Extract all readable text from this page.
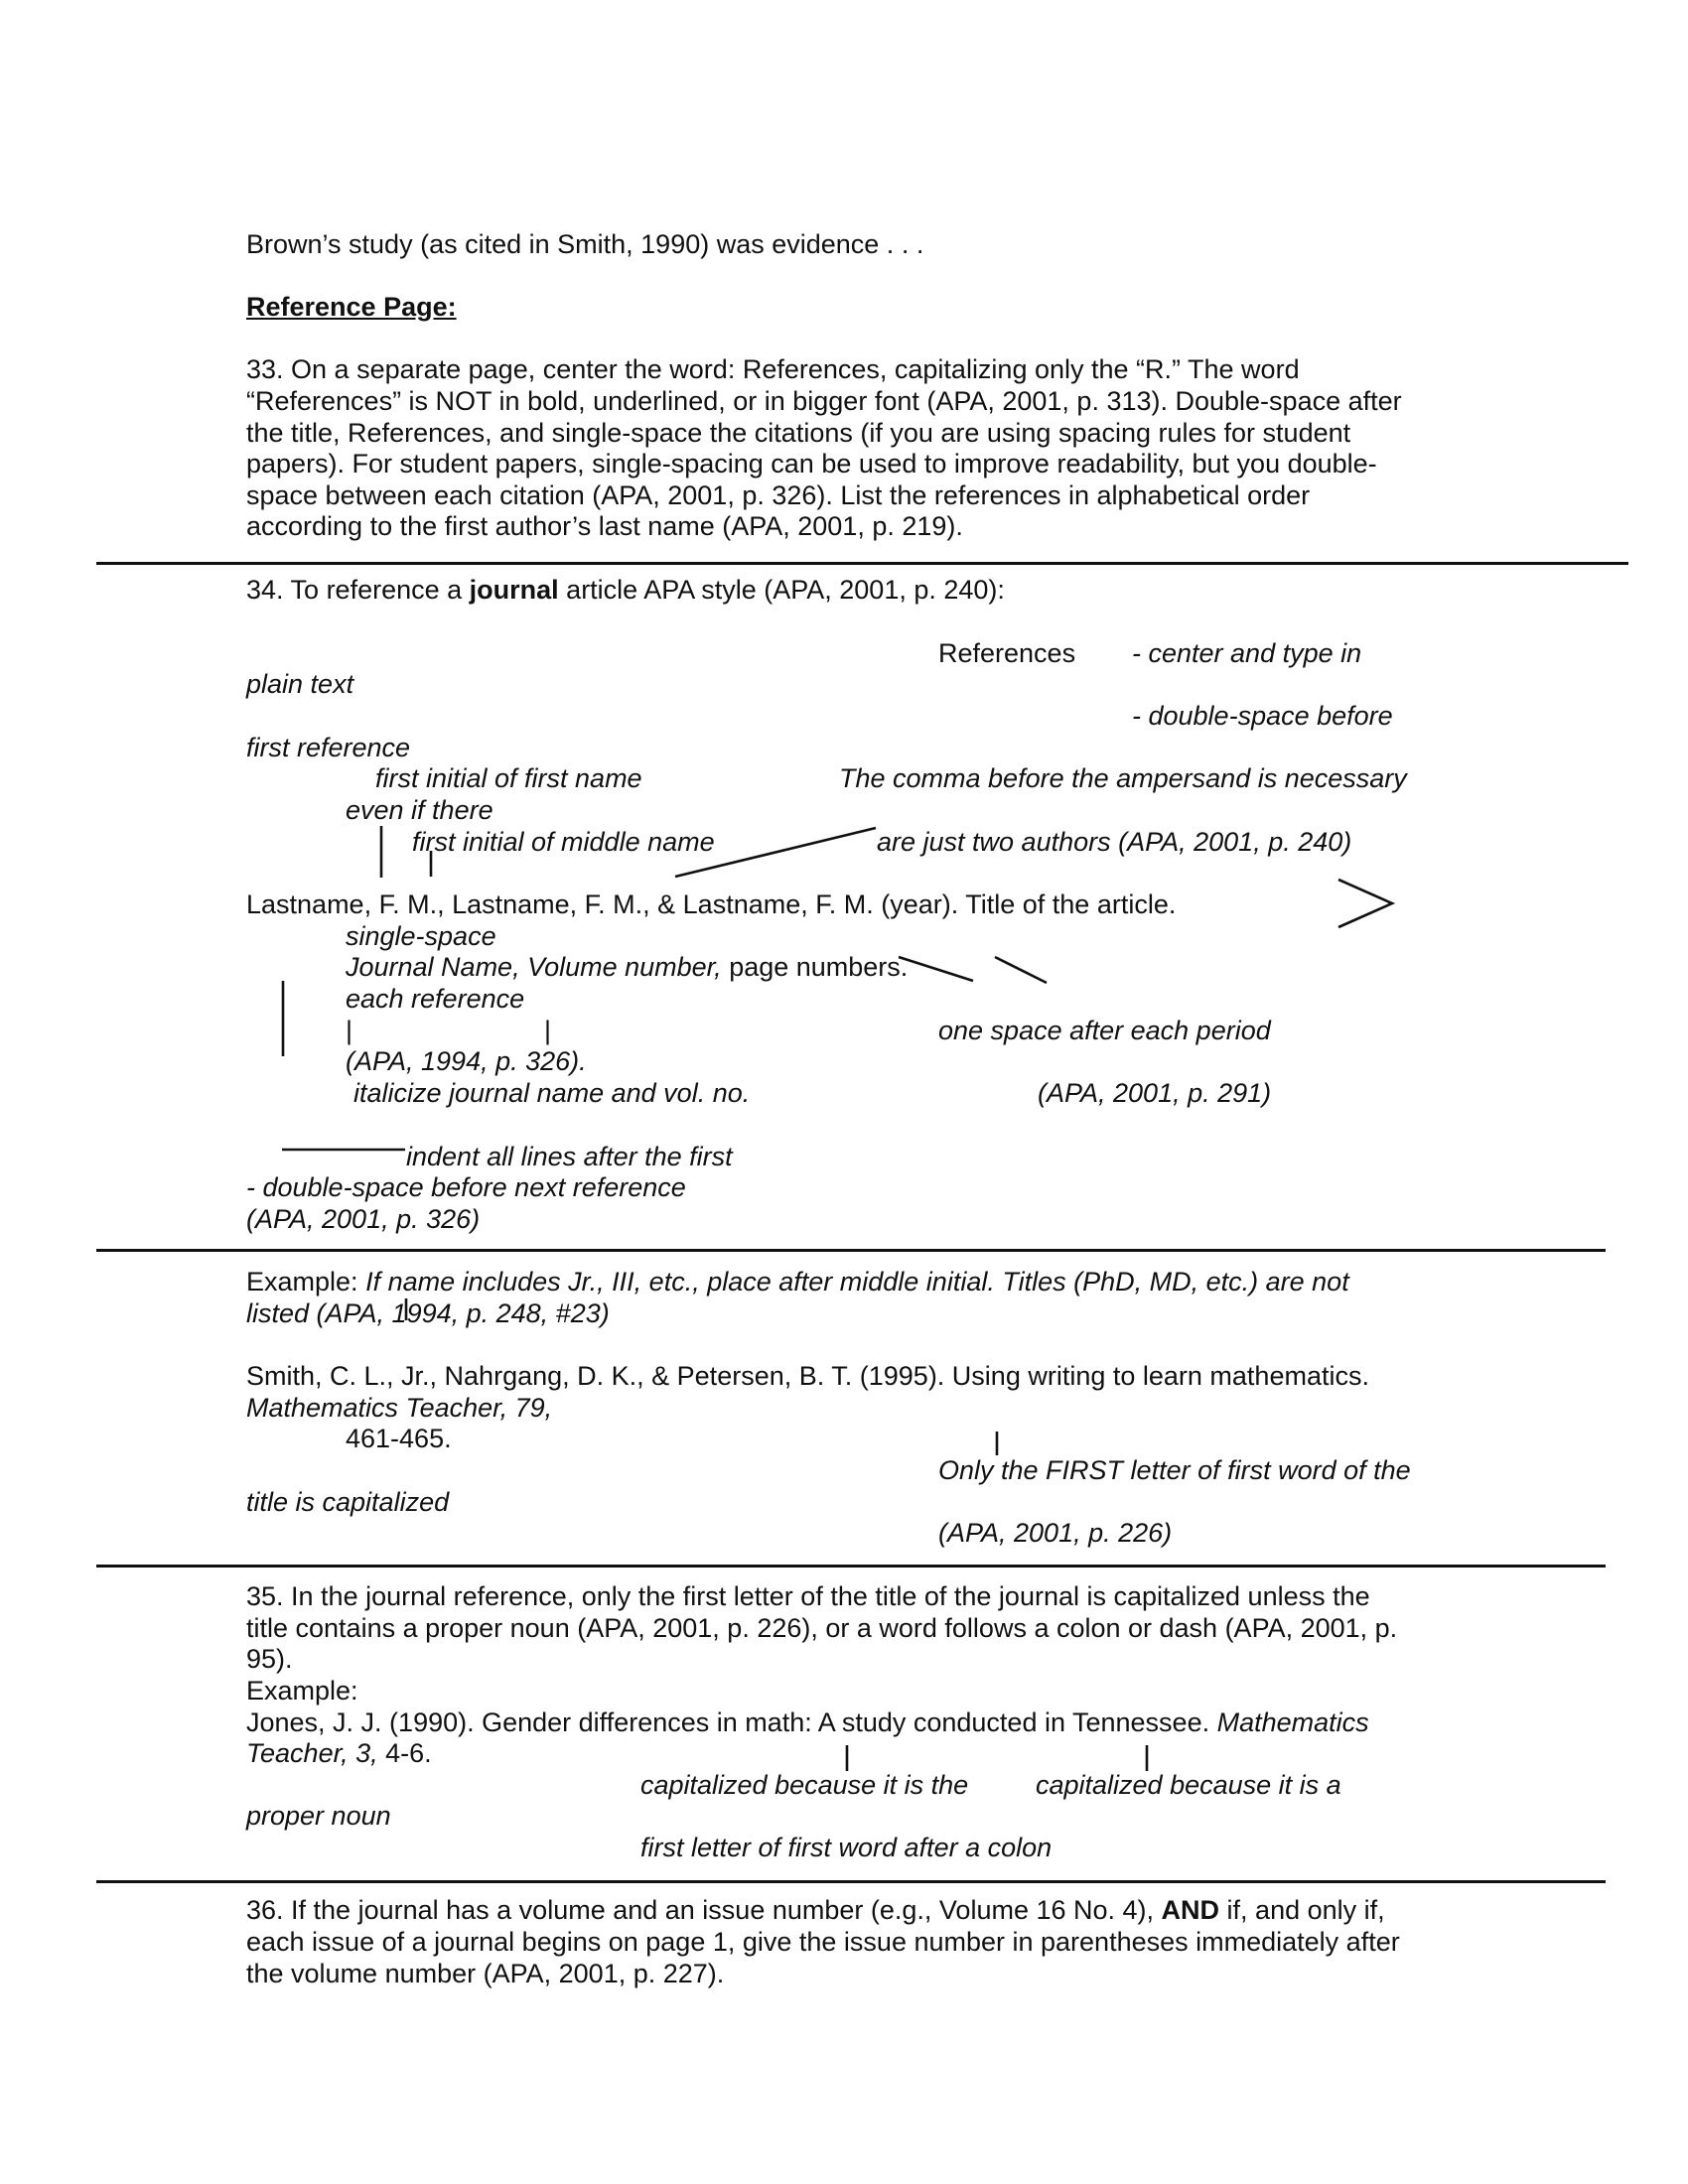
Brown’s study (as cited in Smith, 1990) was evidence . . .
Reference Page:
33. On a separate page, center the word: References, capitalizing only the “R.” The word
“References” is NOT in bold, underlined, or in bigger font (APA, 2001, p. 313). Double-space after
the title, References, and single-space the citations (if you are using spacing rules for student
papers). For student papers, single-spacing can be used to improve readability, but you double-
space between each citation (APA, 2001, p. 326). List the references in alphabetical order
according to the first author’s last name (APA, 2001, p. 219).
34. To reference a journal article APA style (APA, 2001, p. 240):
References - center and type in
plain text
- double-space before
first reference
first initial of first name	The comma before the ampersand is necessary
even if there
first initial of middle name	are just two authors (APA, 2001, p. 240)
Lastname, F. M., Lastname, F. M., & Lastname, F. M. (year). Title of the article.
single-space
Journal Name, Volume number, page numbers.
each reference
|	|	one space after each period
(APA, 1994, p. 326).
italicize journal name and vol. no.	(APA, 2001, p. 291)
indent all lines after the first
- double-space before next reference
(APA, 2001, p. 326)
Example: If name includes Jr., III, etc., place after middle initial. Titles (PhD, MD, etc.) are not
listed (APA, 1994, p. 248, #23)
Smith, C. L., Jr., Nahrgang, D. K., & Petersen, B. T. (1995). Using writing to learn mathematics.
Mathematics Teacher, 79,
461-465.
Only the FIRST letter of first word of the
title is capitalized
(APA, 2001, p. 226)
35. In the journal reference, only the first letter of the title of the journal is capitalized unless the
title contains a proper noun (APA, 2001, p. 226), or a word follows a colon or dash (APA, 2001, p.
95).
Example:
Jones, J. J. (1990). Gender differences in math: A study conducted in Tennessee. Mathematics
Teacher, 3, 4-6.
capitalized because it is the	capitalized because it is a
proper noun
first letter of first word after a colon
36. If the journal has a volume and an issue number (e.g., Volume 16 No. 4), AND if, and only if,
each issue of a journal begins on page 1, give the issue number in parentheses immediately after
the volume number (APA, 2001, p. 227).
